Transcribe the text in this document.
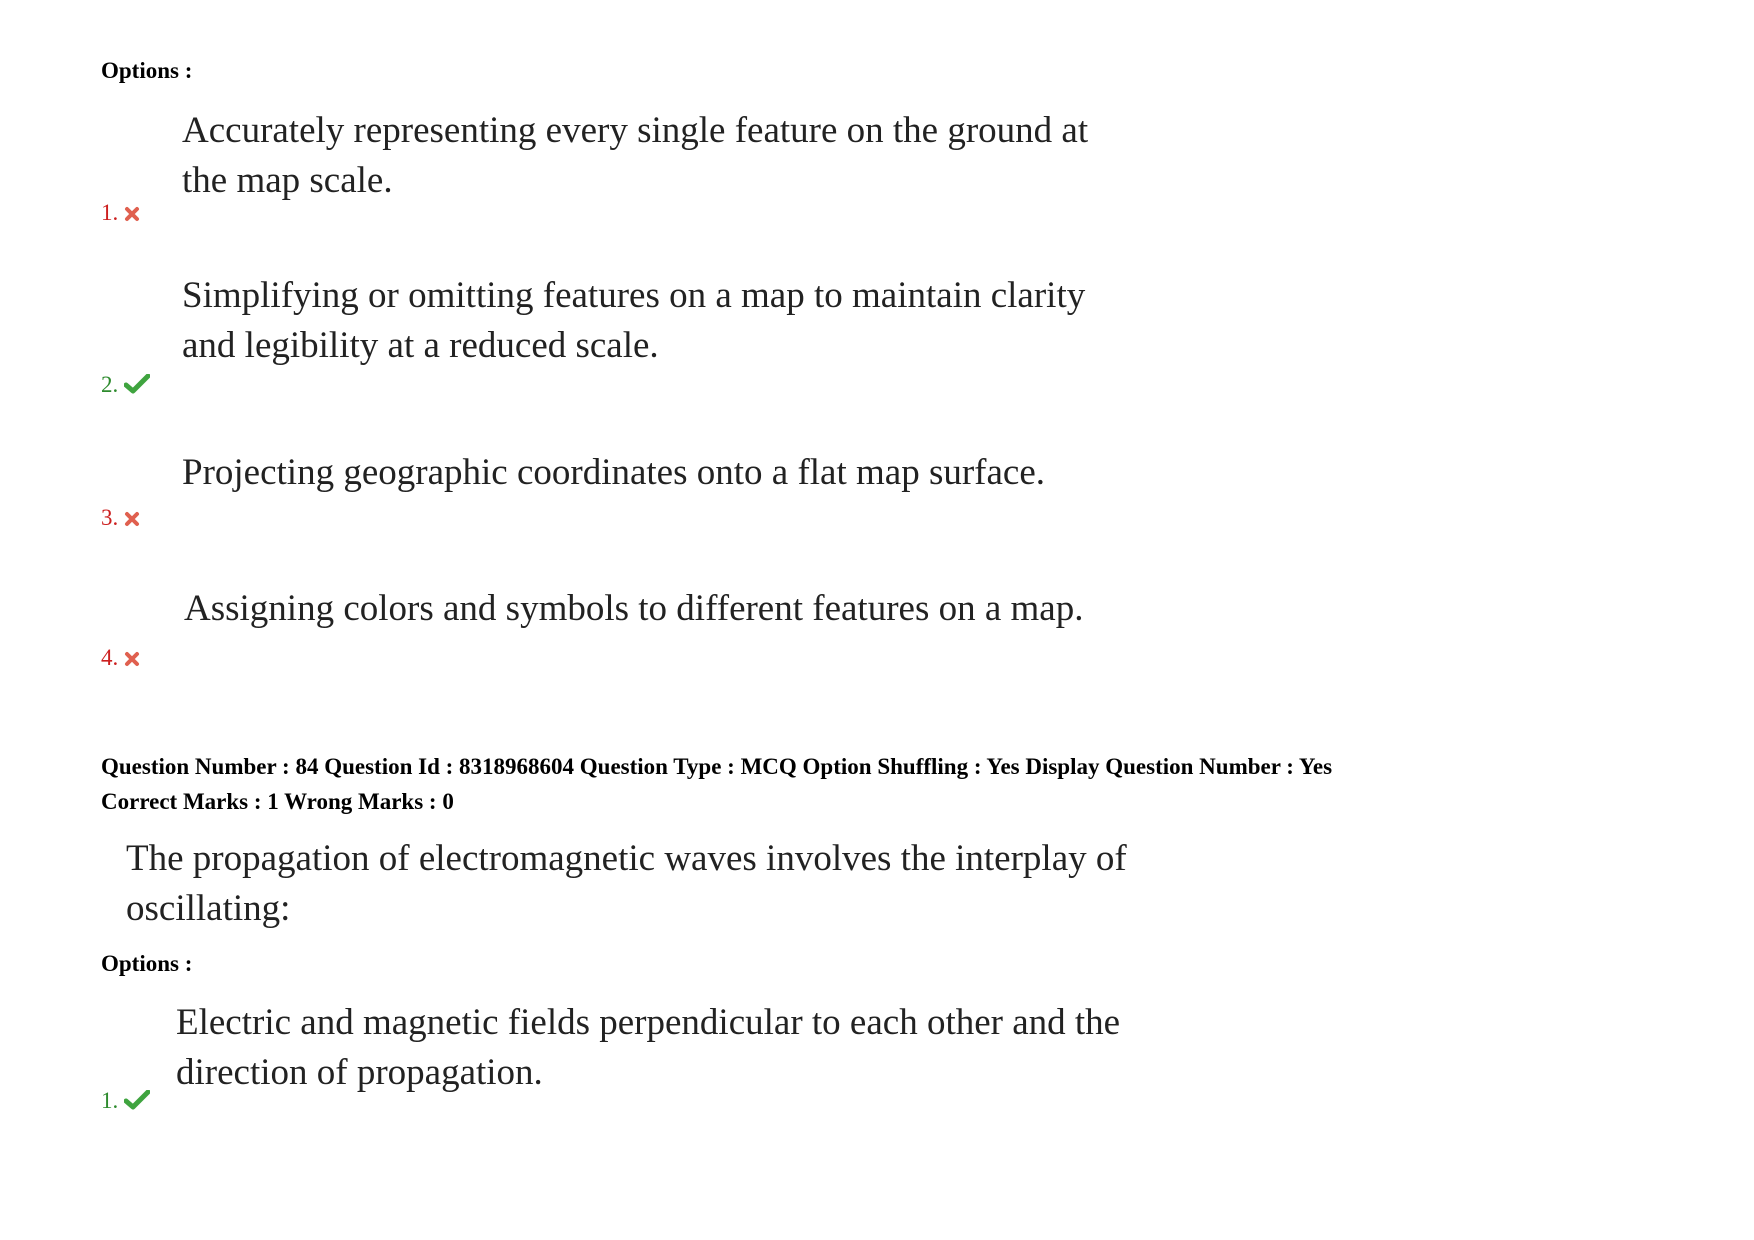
Options :
Accurately representing every single feature on the ground at
the map scale.
1.
Simplifying or omitting features on a map to maintain clarity
and legibility at a reduced scale.
2.
Projecting geographic coordinates onto a flat map surface.
3.
Assigning colors and symbols to different features on a map.
4.
Question Number : 84 Question Id : 8318968604 Question Type : MCQ Option Shuffling : Yes Display Question Number : Yes
Correct Marks : 1 Wrong Marks : 0
The propagation of electromagnetic waves involves the interplay of
oscillating:
Options :
Electric and magnetic fields perpendicular to each other and the
direction of propagation.
1.
